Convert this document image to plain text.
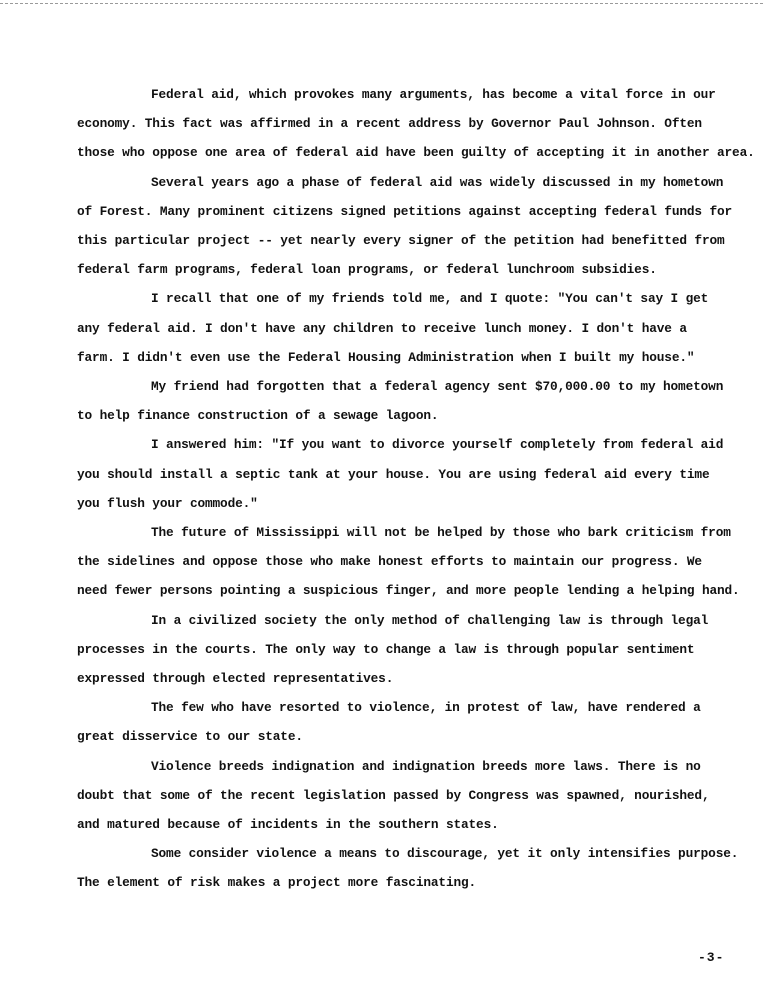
Federal aid, which provokes many arguments, has become a vital force in our
economy. This fact was affirmed in a recent address by Governor Paul Johnson. Often
those who oppose one area of federal aid have been guilty of accepting it in another area.

Several years ago a phase of federal aid was widely discussed in my hometown
of Forest. Many prominent citizens signed petitions against accepting federal funds for
this particular project -- yet nearly every signer of the petition had benefitted from
federal farm programs, federal loan programs, or federal lunchroom subsidies.

I recall that one of my friends told me, and I quote: "You can't say I get
any federal aid. I don't have any children to receive lunch money. I don't have a
farm. I didn't even use the Federal Housing Administration when I built my house."

My friend had forgotten that a federal agency sent $70,000.00 to my hometown
to help finance construction of a sewage lagoon.

I answered him: "If you want to divorce yourself completely from federal aid
you should install a septic tank at your house. You are using federal aid every time
you flush your commode."

The future of Mississippi will not be helped by those who bark criticism from
the sidelines and oppose those who make honest efforts to maintain our progress. We
need fewer persons pointing a suspicious finger, and more people lending a helping hand.

In a civilized society the only method of challenging law is through legal
processes in the courts. The only way to change a law is through popular sentiment
expressed through elected representatives.

The few who have resorted to violence, in protest of law, have rendered a
great disservice to our state.

Violence breeds indignation and indignation breeds more laws. There is no
doubt that some of the recent legislation passed by Congress was spawned, nourished,
and matured because of incidents in the southern states.

Some consider violence a means to discourage, yet it only intensifies purpose.
The element of risk makes a project more fascinating.

-3-
